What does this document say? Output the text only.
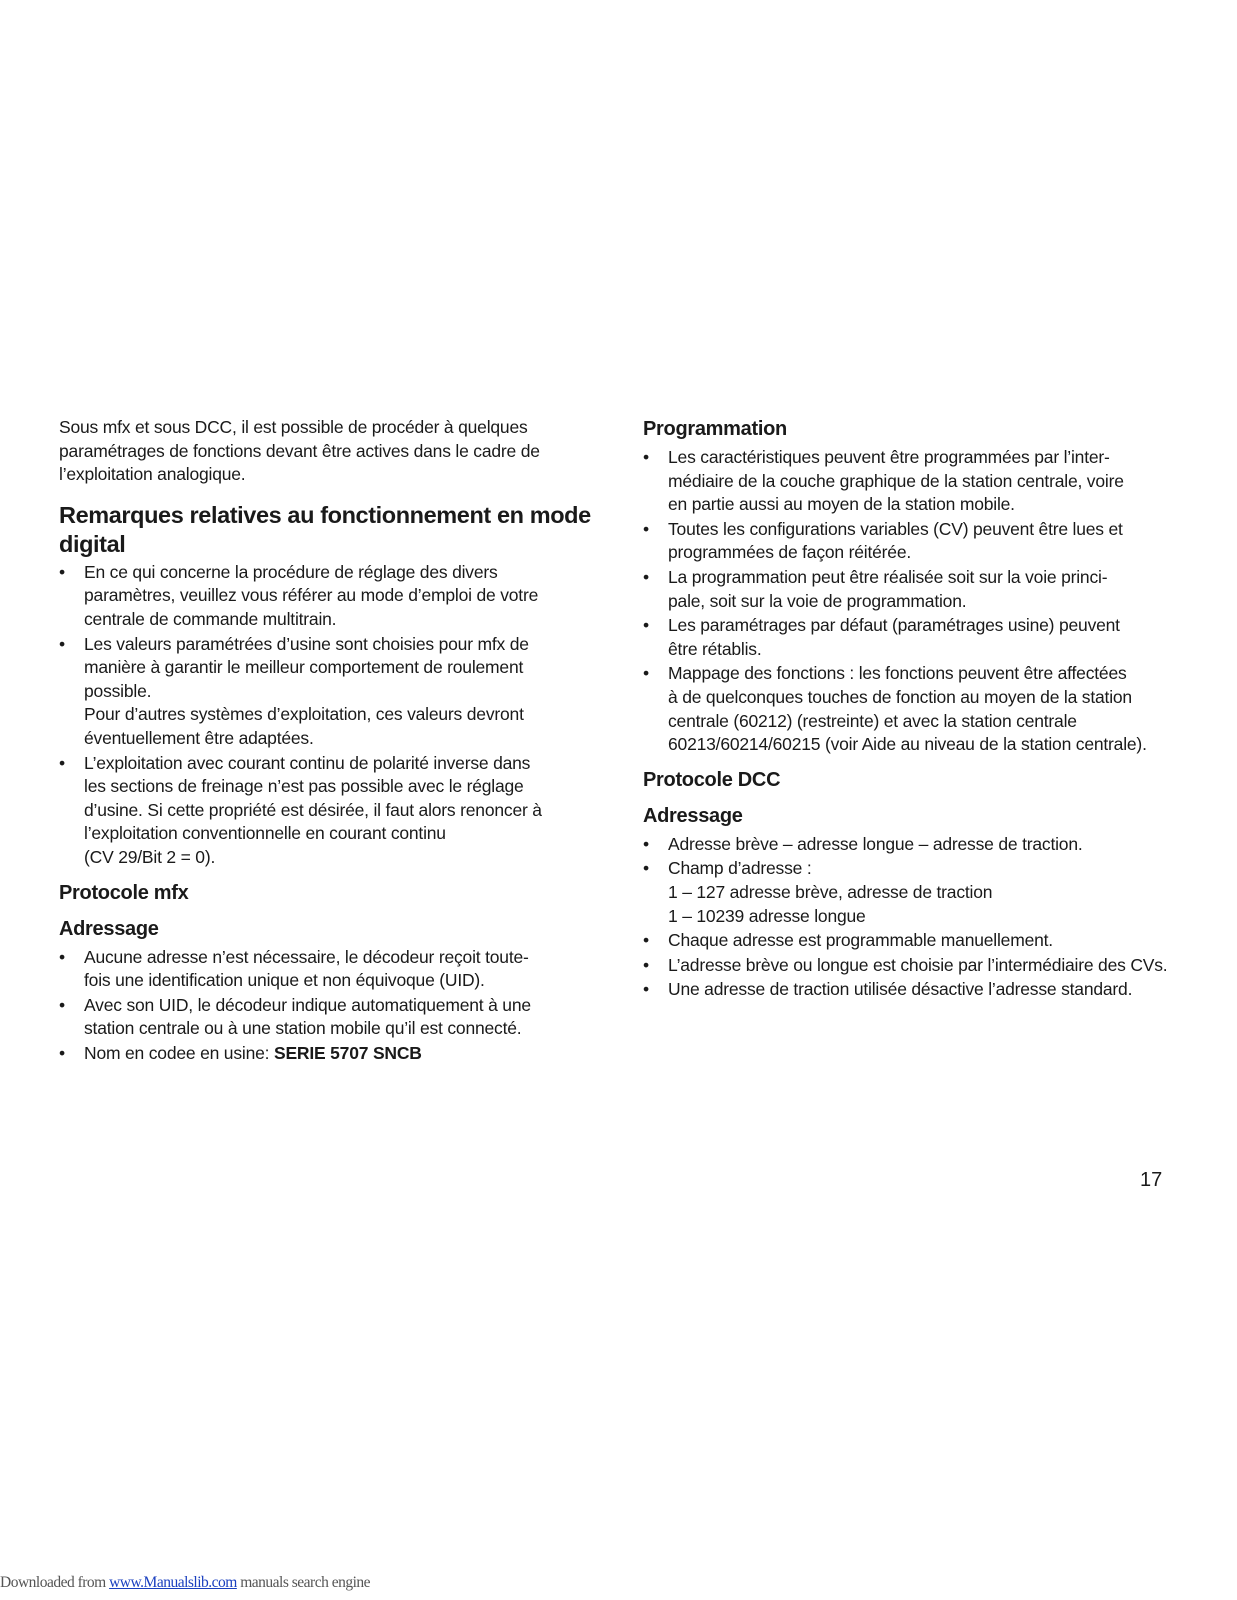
Sous mfx et sous DCC, il est possible de procéder à quelques
paramétrages de fonctions devant être actives dans le cadre de
l’exploitation analogique.

Remarques relatives au fonctionnement en mode
digital
•	En ce qui concerne la procédure de réglage des divers
paramètres, veuillez vous référer au mode d’emploi de votre
centrale de commande multitrain.
•	Les valeurs paramétrées d’usine sont choisies pour mfx de
manière à garantir le meilleur comportement de roulement
possible.
Pour d’autres systèmes d’exploitation, ces valeurs devront
éventuellement être adaptées.
•	L’exploitation avec courant continu de polarité inverse dans
les sections de freinage n’est pas possible avec le réglage
d’usine. Si cette propriété est désirée, il faut alors renoncer à
l’exploitation conventionnelle en courant continu
(CV 29/Bit 2 = 0).
Protocole mfx
Adressage
•	Aucune adresse n’est nécessaire, le décodeur reçoit toute-
fois une identification unique et non équivoque (UID).
•	Avec son UID, le décodeur indique automatiquement à une
station centrale ou à une station mobile qu’il est connecté.
•	Nom en codee en usine: SERIE 5707 SNCB
Programmation
•	Les caractéristiques peuvent être programmées par l’inter-
médiaire de la couche graphique de la station centrale, voire
en partie aussi au moyen de la station mobile.
•	Toutes les configurations variables (CV) peuvent être lues et
programmées de façon réitérée.
•	La programmation peut être réalisée soit sur la voie princi-
pale, soit sur la voie de programmation.
•	Les paramétrages par défaut (paramétrages usine) peuvent
être rétablis.
•	Mappage des fonctions : les fonctions peuvent être affectées
à de quelconques touches de fonction au moyen de la station
centrale (60212) (restreinte) et avec la station centrale
60213/60214/60215 (voir Aide au niveau de la station centrale).
Protocole DCC
Adressage
•	Adresse brève – adresse longue – adresse de traction.
•	Champ d’adresse :
1 – 127 adresse brève, adresse de traction
1 – 10239 adresse longue
•	Chaque adresse est programmable manuellement.
•	L’adresse brève ou longue est choisie par l’intermédiaire des CVs.
•	Une adresse de traction utilisée désactive l’adresse standard.
17
Downloaded from www.Manualslib.com manuals search engine
